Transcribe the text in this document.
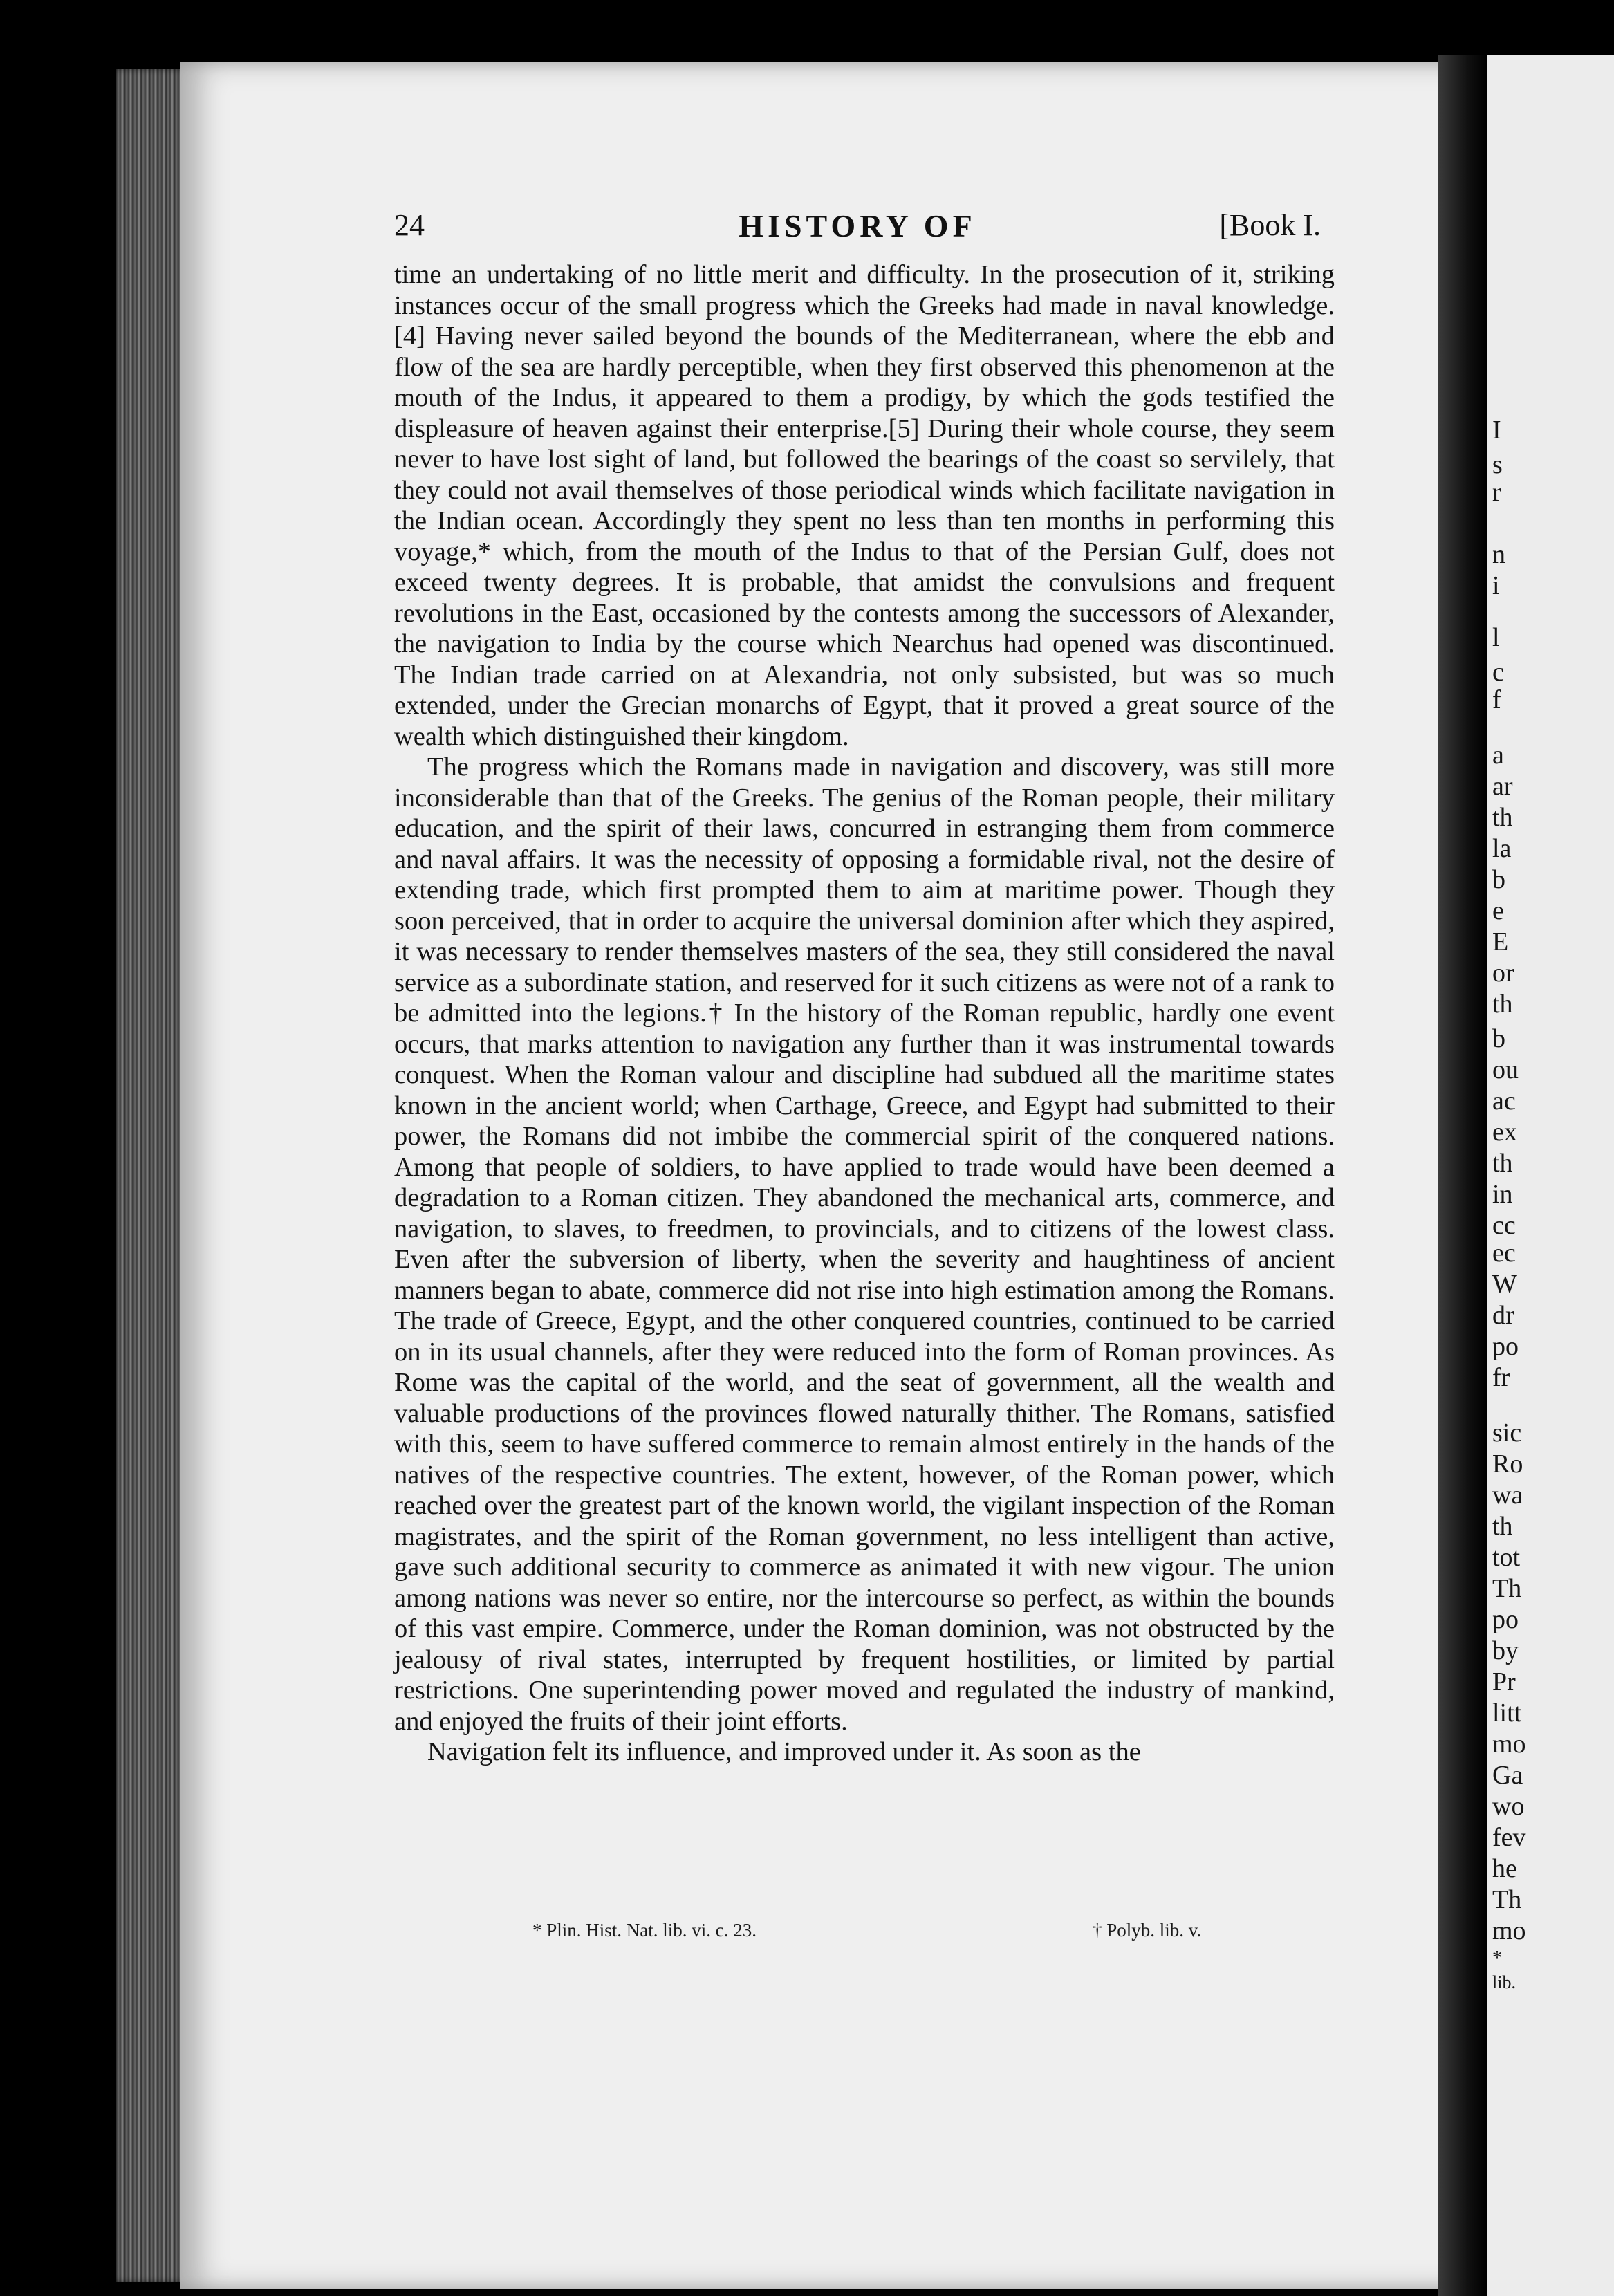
I
s
r
n
i
l
c
f
a
ar
th
la
b
e
E
or
th
b
ou
ac
ex
th
in
cc
ec
W
dr
po
fr
sic
Ro
wa
th
tot
Th
po
by
Pr
litt
mo
Ga
wo
fev
he
Th
mo
*
lib.
HISTORY OF
24	[Book I.

time an undertaking of no little merit and difficulty. In the prosecution of it, striking instances occur of the small progress which the Greeks had made in naval knowledge.[4] Having never sailed beyond the bounds of the Mediterranean, where the ebb and flow of the sea are hardly perceptible, when they first observed this phenomenon at the mouth of the Indus, it appeared to them a prodigy, by which the gods testified the displeasure of heaven against their enterprise.[5] During their whole course, they seem never to have lost sight of land, but followed the bearings of the coast so servilely, that they could not avail themselves of those periodical winds which facilitate navigation in the Indian ocean. Accordingly they spent no less than ten months in performing this voyage,* which, from the mouth of the Indus to that of the Persian Gulf, does not exceed twenty degrees. It is probable, that amidst the convulsions and frequent revolutions in the East, occasioned by the contests among the successors of Alexander, the navigation to India by the course which Nearchus had opened was discontinued. The Indian trade carried on at Alexandria, not only subsisted, but was so much extended, under the Grecian monarchs of Egypt, that it proved a great source of the wealth which distinguished their kingdom.

The progress which the Romans made in navigation and discovery, was still more inconsiderable than that of the Greeks. The genius of the Roman people, their military education, and the spirit of their laws, concurred in estranging them from commerce and naval affairs. It was the necessity of opposing a formidable rival, not the desire of extending trade, which first prompted them to aim at maritime power. Though they soon perceived, that in order to acquire the universal dominion after which they aspired, it was necessary to render themselves masters of the sea, they still considered the naval service as a subordinate station, and reserved for it such citizens as were not of a rank to be admitted into the legions.† In the history of the Roman republic, hardly one event occurs, that marks attention to navigation any further than it was instrumental towards conquest. When the Roman valour and discipline had subdued all the maritime states known in the ancient world; when Carthage, Greece, and Egypt had submitted to their power, the Romans did not imbibe the commercial spirit of the conquered nations. Among that people of soldiers, to have applied to trade would have been deemed a degradation to a Roman citizen. They abandoned the mechanical arts, commerce, and navigation, to slaves, to freedmen, to provincials, and to citizens of the lowest class. Even after the subversion of liberty, when the severity and haughtiness of ancient manners began to abate, commerce did not rise into high estimation among the Romans. The trade of Greece, Egypt, and the other conquered countries, continued to be carried on in its usual channels, after they were reduced into the form of Roman provinces. As Rome was the capital of the world, and the seat of government, all the wealth and valuable productions of the provinces flowed naturally thither. The Romans, satisfied with this, seem to have suffered commerce to remain almost entirely in the hands of the natives of the respective countries. The extent, however, of the Roman power, which reached over the greatest part of the known world, the vigilant inspection of the Roman magistrates, and the spirit of the Roman government, no less intelligent than active, gave such additional security to commerce as animated it with new vigour. The union among nations was never so entire, nor the intercourse so perfect, as within the bounds of this vast empire. Commerce, under the Roman dominion, was not obstructed by the jealousy of rival states, interrupted by frequent hostilities, or limited by partial restrictions. One superintending power moved and regulated the industry of mankind, and enjoyed the fruits of their joint efforts.

Navigation felt its influence, and improved under it. As soon as the

* Plin. Hist. Nat. lib. vi. c. 23.	† Polyb. lib. v.
